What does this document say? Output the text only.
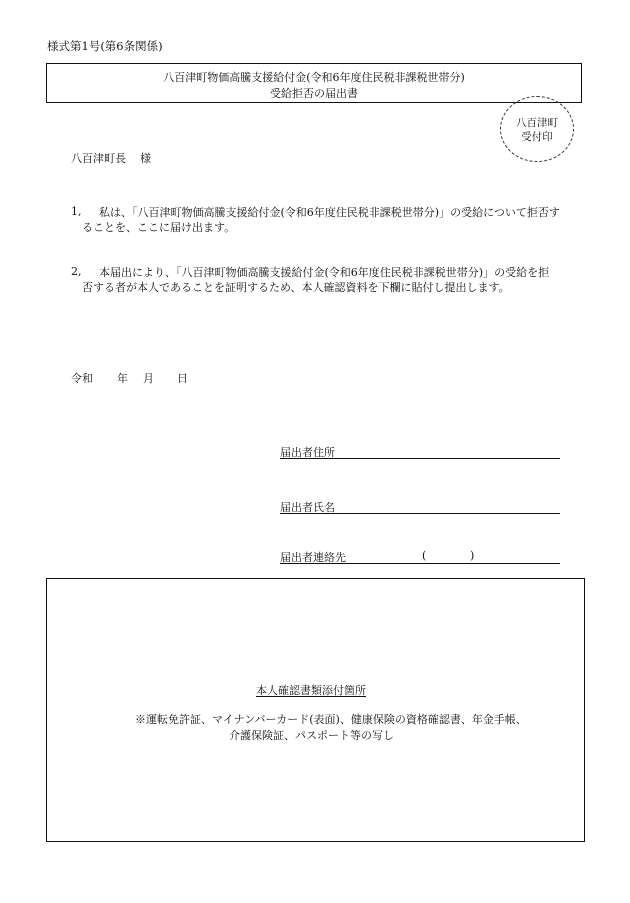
様式第1号(第6条関係)
八百津町物価高騰支援給付金(令和6年度住民税非課税世帯分)
受給拒否の届出書
八百津町
受付印
八百津町長 様
1,	私は、「八百津町物価高騰支援給付金(令和6年度住民税非課税世帯分)」の受給について拒否することを、ここに届け出ます。
2,	本届出により、「八百津町物価高騰支援給付金(令和6年度住民税非課税世帯分)」の受給を拒否する者が本人であることを証明するため、本人確認資料を下欄に貼付し提出します。
令和 年 月 日
届出者住所
届出者氏名
届出者連絡先	(	)
本人確認書類添付箇所
※運転免許証、マイナンバーカード(表面)、健康保険の資格確認書、年金手帳、
介護保険証、パスポート等の写し
